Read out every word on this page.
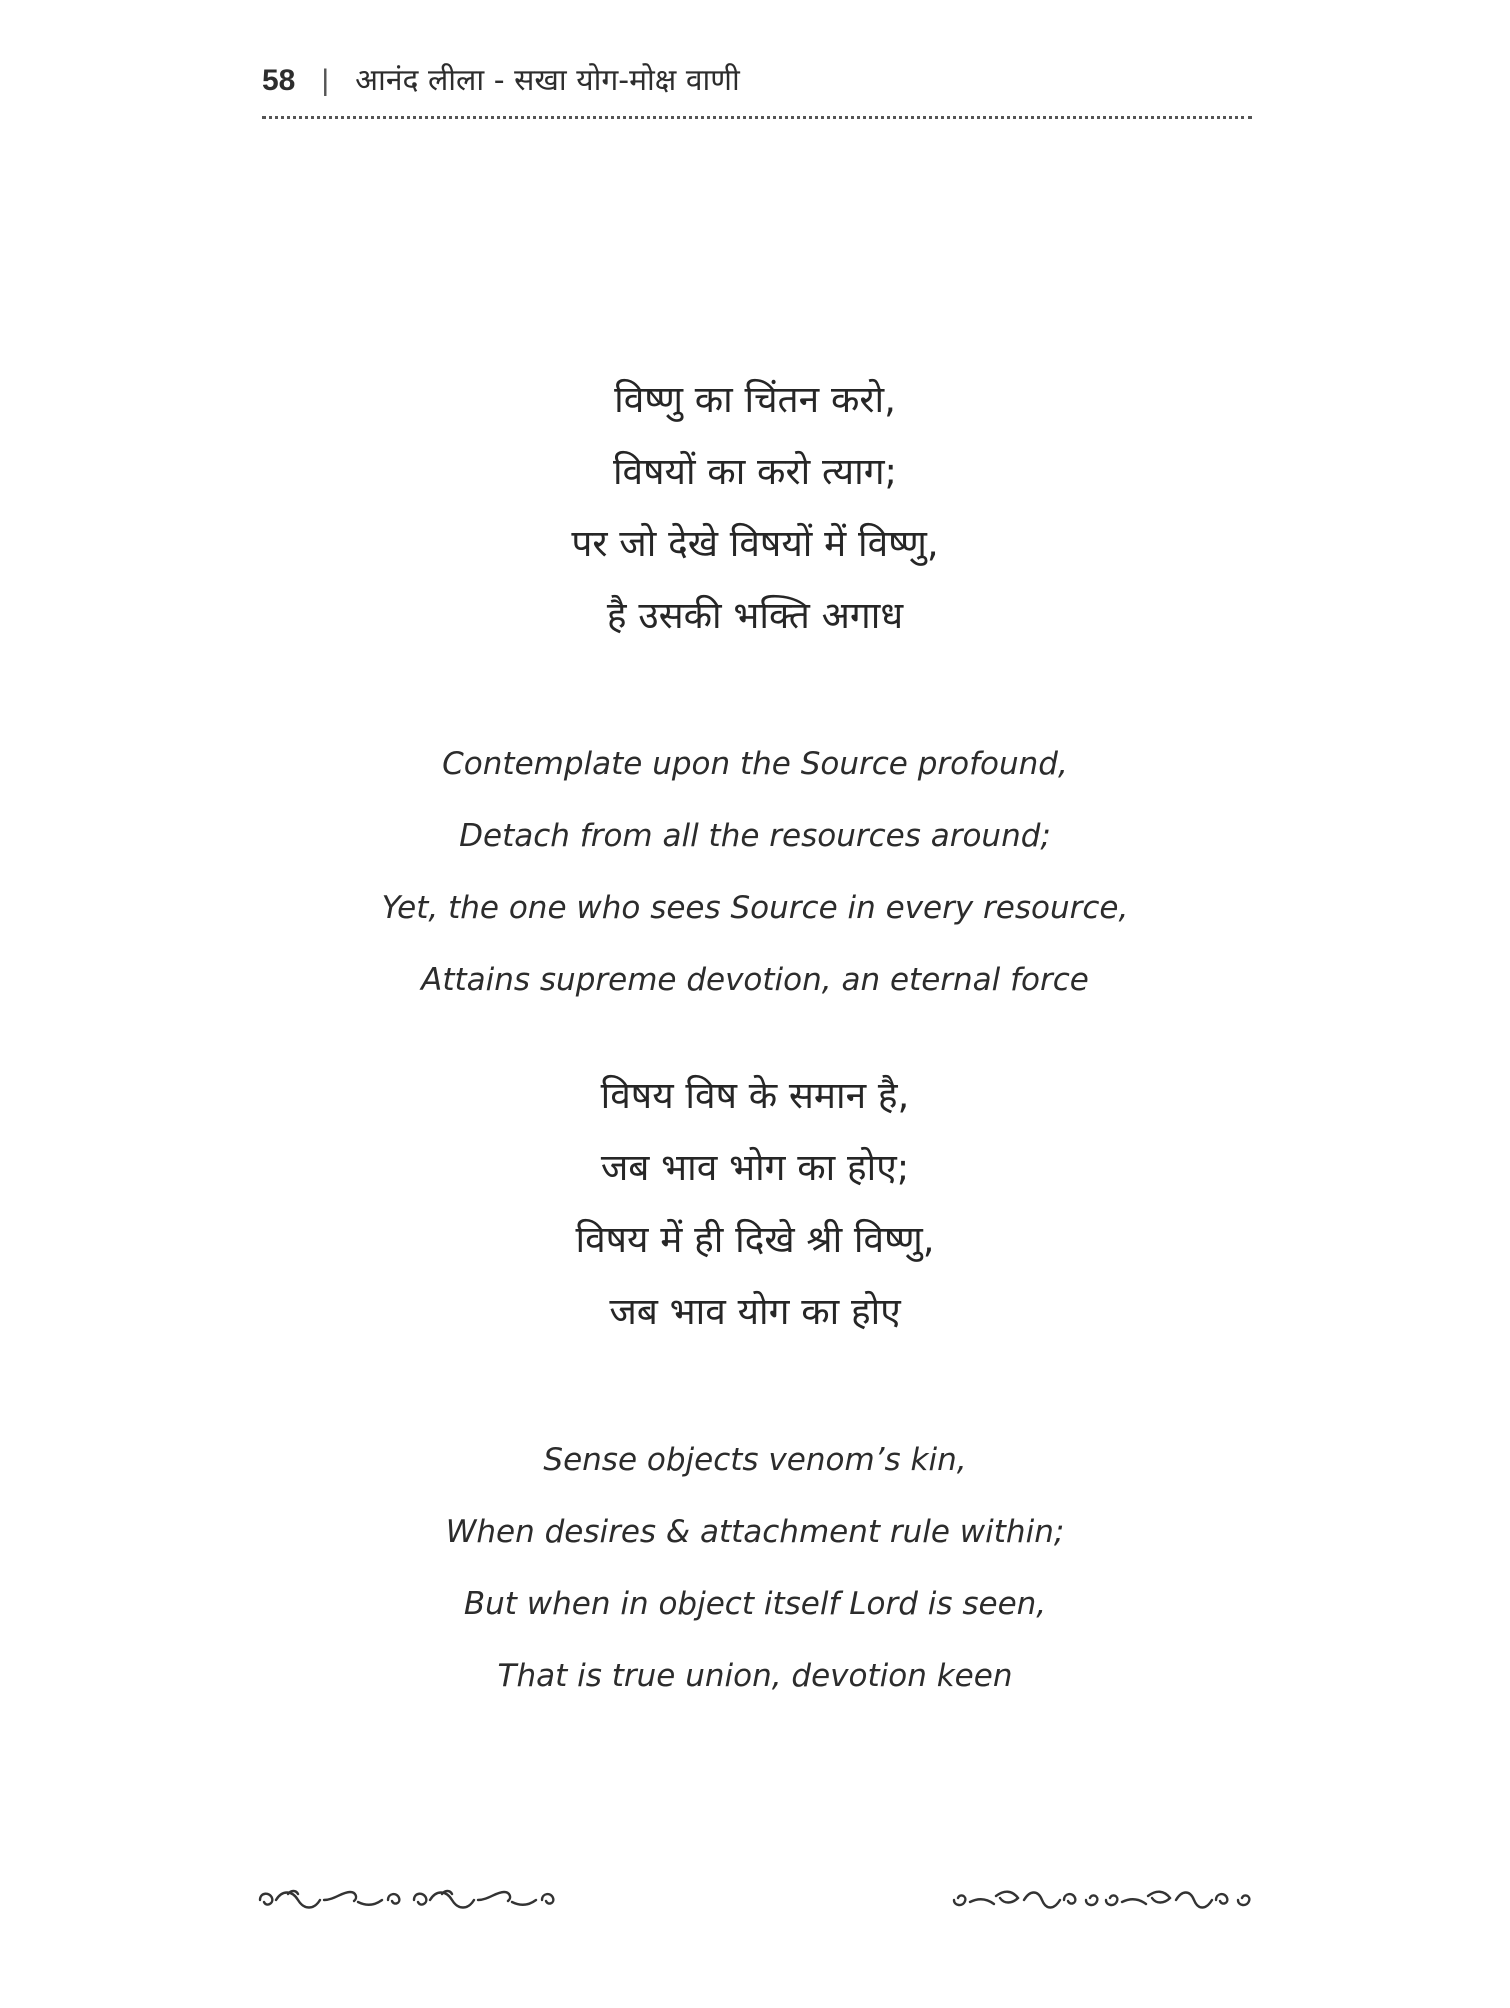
58 | आनंद लीला - सखा योग-मोक्ष वाणी
विष्णु का चिंतन करो,
विषयों का करो त्याग;
पर जो देखे विषयों में विष्णु,
है उसकी भक्ति अगाध
Contemplate upon the Source profound,
Detach from all the resources around;
Yet, the one who sees Source in every resource,
Attains supreme devotion, an eternal force
विषय विष के समान है,
जब भाव भोग का होए;
विषय में ही दिखे श्री विष्णु,
जब भाव योग का होए
Sense objects venom’s kin,
When desires & attachment rule within;
But when in object itself Lord is seen,
That is true union, devotion keen
